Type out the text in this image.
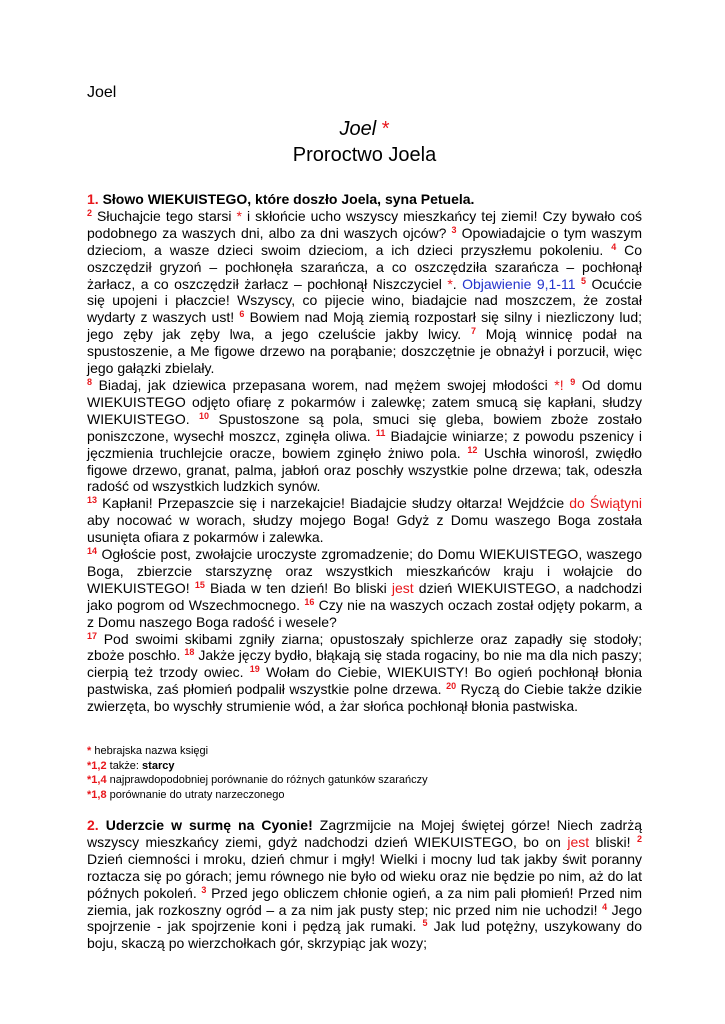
Joel
Joel *
Proroctwo Joela

1. Słowo WIEKUISTEGO, które doszło Joela, syna Petuela.

$^2$ Słuchajcie tego starsi * i skłońcie ucho wszyscy mieszkańcy tej ziemi! Czy bywało coś podobnego za waszych dni, albo za dni waszych ojców? $^3$ Opowiadajcie o tym waszym dzieciom, a wasze dzieci swoim dzieciom, a ich dzieci przyszłemu pokoleniu. $^4$ Co oszczędził gryzoń – pochłonęła szarańcza, a co oszczędziła szarańcza – pochłonął żarłacz, a co oszczędził żarłacz – pochłonął Niszczyciel *. Objawienie 9,1-11 $^5$ Ocućcie się upojeni i płaczcie! Wszyscy, co pijecie wino, biadajcie nad moszczem, że został wydarty z waszych ust! $^6$ Bowiem nad Moją ziemią rozpostarł się silny i niezliczony lud; jego zęby jak zęby lwa, a jego czeluście jakby lwicy. $^7$ Moją winnicę podał na spustoszenie, a Me figowe drzewo na porąbanie; doszczętnie je obnażył i porzucił, więc jego gałązki zbielały.

$^8$ Biadaj, jak dziewica przepasana worem, nad mężem swojej młodości *! $^9$ Od domu WIEKUISTEGO odjęto ofiarę z pokarmów i zalewkę; zatem smucą się kapłani, słudzy WIEKUISTEGO. $^{10}$ Spustoszone są pola, smuci się gleba, bowiem zboże zostało poniszczone, wysechł moszcz, zginęła oliwa. $^{11}$ Biadajcie winiarze; z powodu pszenicy i jęczmienia truchlejcie oracze, bowiem zginęło żniwo pola. $^{12}$ Uschła winorośl, zwiędło figowe drzewo, granat, palma, jabłoń oraz poschły wszystkie polne drzewa; tak, odeszła radość od wszystkich ludzkich synów.

$^{13}$ Kapłani! Przepaszcie się i narzekajcie! Biadajcie słudzy ołtarza! Wejdźcie do Świątyni aby nocować w worach, słudzy mojego Boga! Gdyż z Domu waszego Boga została usunięta ofiara z pokarmów i zalewka.

$^{14}$ Ogłoście post, zwołajcie uroczyste zgromadzenie; do Domu WIEKUISTEGO, waszego Boga, zbierzcie starszyznę oraz wszystkich mieszkańców kraju i wołajcie do WIEKUISTEGO! $^{15}$ Biada w ten dzień! Bo bliski jest dzień WIEKUISTEGO, a nadchodzi jako pogrom od Wszechmocnego. $^{16}$ Czy nie na waszych oczach został odjęty pokarm, a z Domu naszego Boga radość i wesele?

$^{17}$ Pod swoimi skibami zgniły ziarna; opustoszały spichlerze oraz zapadły się stodoły; zboże poschło. $^{18}$ Jakże jęczy bydło, błąkają się stada rogaciny, bo nie ma dla nich paszy; cierpią też trzody owiec. $^{19}$ Wołam do Ciebie, WIEKUISTY! Bo ogień pochłonął błonia pastwiska, zaś płomień podpalił wszystkie polne drzewa. $^{20}$ Ryczą do Ciebie także dzikie zwierzęta, bo wyschły strumienie wód, a żar słońca pochłonął błonia pastwiska.

* hebrajska nazwa księgi
*1,2 także: starcy
*1,4 najprawdopodobniej porównanie do różnych gatunków szarańczy
*1,8 porównanie do utraty narzeczonego

2. Uderzcie w surmę na Cyonie! Zagrzmijcie na Mojej świętej górze! Niech zadrżą wszyscy mieszkańcy ziemi, gdyż nadchodzi dzień WIEKUISTEGO, bo on jest bliski! $^2$ Dzień ciemności i mroku, dzień chmur i mgły! Wielki i mocny lud tak jakby świt poranny roztacza się po górach; jemu równego nie było od wieku oraz nie będzie po nim, aż do lat późnych pokoleń. $^3$ Przed jego obliczem chłonie ogień, a za nim pali płomień! Przed nim ziemia, jak rozkoszny ogród – a za nim jak pusty step; nic przed nim nie uchodzi! $^4$ Jego spojrzenie - jak spojrzenie koni i pędzą jak rumaki. $^5$ Jak lud potężny, uszykowany do boju, skaczą po wierzchołkach gór, skrzypiąc jak wozy;
